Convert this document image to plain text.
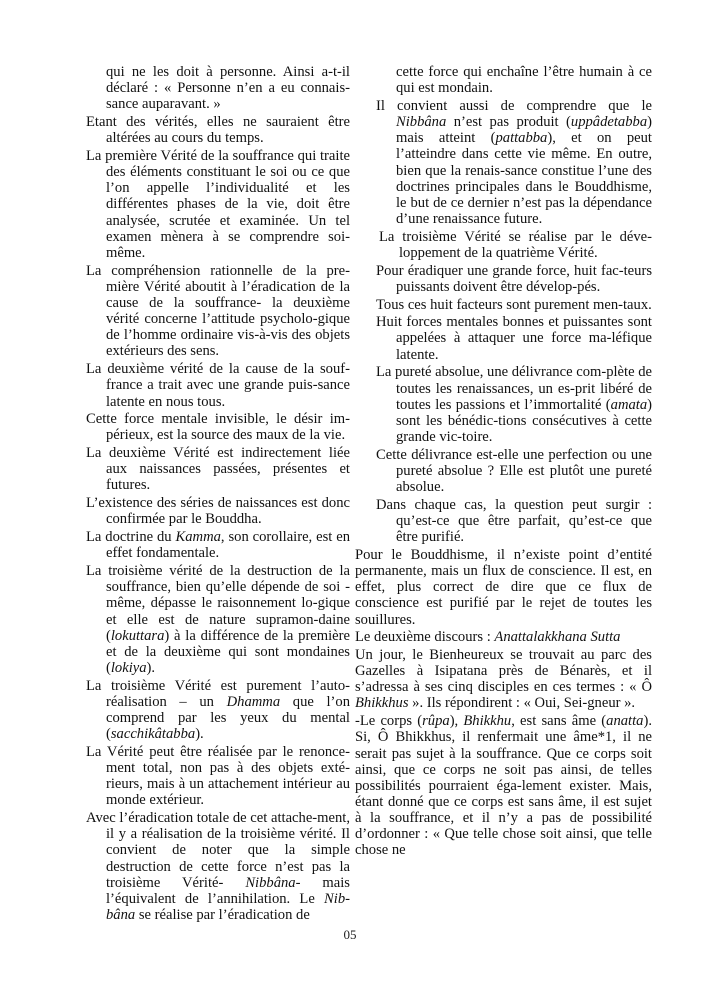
qui ne les doit à personne. Ainsi a-t-il déclaré : « Personne n’en a eu connais-sance auparavant. »

Etant des vérités, elles ne sauraient être altérées au cours du temps.

La première Vérité de la souffrance qui traite des éléments constituant le soi ou ce que l’on appelle l’individualité et les différentes phases de la vie, doit être analysée, scrutée et examinée. Un tel examen mènera à se comprendre soi-même.

La compréhension rationnelle de la pre-mière Vérité aboutit à l’éradication de la cause de la souffrance- la deuxième vérité concerne l’attitude psycholo-gique de l’homme ordinaire vis-à-vis des objets extérieurs des sens.

La deuxième vérité de la cause de la souf-france a trait avec une grande puis-sance latente en nous tous.

Cette force mentale invisible, le désir im-périeux, est la source des maux de la vie.

La deuxième Vérité est indirectement liée aux naissances passées, présentes et futures.

L’existence des séries de naissances est donc confirmée par le Bouddha.

La doctrine du Kamma, son corollaire, est en effet fondamentale.

La troisième vérité de la destruction de la souffrance, bien qu’elle dépende de soi -même, dépasse le raisonnement lo-gique et elle est de nature supramon-daine (lokuttara) à la différence de la première et de la deuxième qui sont mondaines (lokiya).

La troisième Vérité est purement l’auto-réalisation – un Dhamma que l’on comprend par les yeux du mental (sacchikâtabba).

La Vérité peut être réalisée par le renonce-ment total, non pas à des objets exté-rieurs, mais à un attachement intérieur au monde extérieur.

Avec l’éradication totale de cet attache-ment, il y a réalisation de la troisième vérité. Il convient de noter que la simple destruction de cette force n’est pas la troisième Vérité- Nibbâna- mais l’équivalent de l’annihilation. Le Nib-bâna se réalise par l’éradication de

cette force qui enchaîne l’être humain à ce qui est mondain.

Il convient aussi de comprendre que le Nibbâna n’est pas produit (uppâdetabba) mais atteint (pattabba), et on peut l’atteindre dans cette vie même. En outre, bien que la renais-sance constitue l’une des doctrines principales dans le Bouddhisme, le but de ce dernier n’est pas la dépendance d’une renaissance future.

La troisième Vérité se réalise par le déve-loppement de la quatrième Vérité.

Pour éradiquer une grande force, huit fac-teurs puissants doivent être dévelop-pés.

Tous ces huit facteurs sont purement men-taux.

Huit forces mentales bonnes et puissantes sont appelées à attaquer une force ma-léfique latente.

La pureté absolue, une délivrance com-plète de toutes les renaissances, un es-prit libéré de toutes les passions et l’immortalité (amata) sont les bénédic-tions consécutives à cette grande vic-toire.

Cette délivrance est-elle une perfection ou une pureté absolue ? Elle est plutôt une pureté absolue.

Dans chaque cas, la question peut surgir : qu’est-ce que être parfait, qu’est-ce que être purifié.

Pour le Bouddhisme, il n’existe point d’entité permanente, mais un flux de conscience. Il est, en effet, plus correct de dire que ce flux de conscience est purifié par le rejet de toutes les souillures.

Le deuxième discours : Anattalakkhana Sutta

Un jour, le Bienheureux se trouvait au parc des Gazelles à Isipatana près de Bénarès, et il s’adressa à ses cinq disciples en ces termes : « Ô Bhikkhus ». Ils répondirent : « Oui, Sei-gneur ».

-Le corps (rûpa), Bhikkhu, est sans âme (anatta). Si, Ô Bhikkhus, il renfermait une âme*1, il ne serait pas sujet à la souffrance. Que ce corps soit ainsi, que ce corps ne soit pas ainsi, de telles possibilités pourraient éga-lement exister. Mais, étant donné que ce corps est sans âme, il est sujet à la souffrance, et il n’y a pas de possibilité d’ordonner : « Que telle chose soit ainsi, que telle chose ne

05
